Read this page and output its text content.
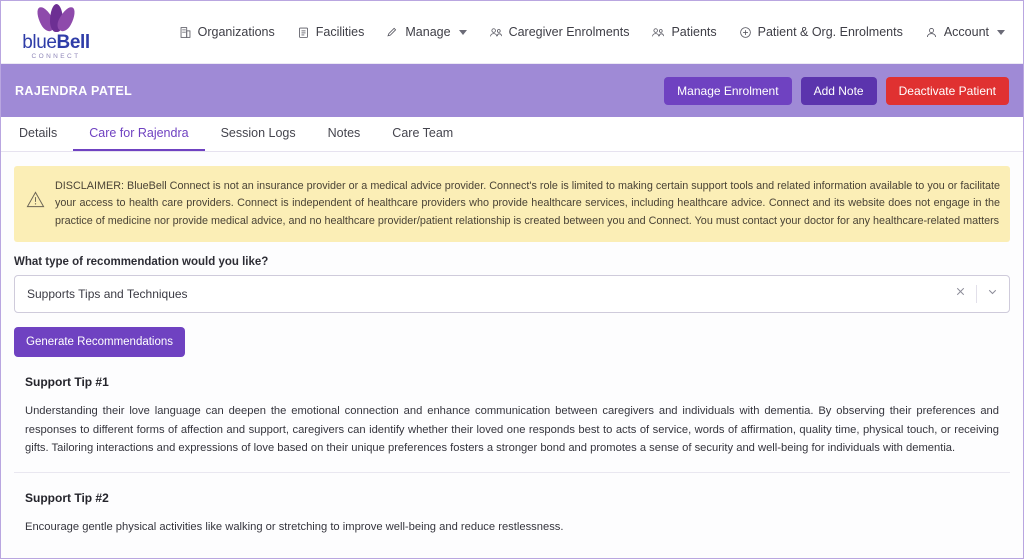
blueBell
CONNECT
Organizations	Facilities	Manage	Caregiver Enrolments	Patients	Patient & Org. Enrolments	Account
RAJENDRA PATEL	Manage Enrolment	Add Note	Deactivate Patient
Details	Care for Rajendra	Session Logs	Notes	Care Team
DISCLAIMER: BlueBell Connect is not an insurance provider or a medical advice provider. Connect's role is limited to making certain support tools and related information available to you or facilitate your access to health care providers. Connect is independent of healthcare providers who provide healthcare services, including healthcare advice. Connect and its website does not engage in the practice of medicine nor provide medical advice, and no healthcare provider/patient relationship is created between you and Connect. You must contact your doctor for any healthcare-related matters
What type of recommendation would you like?
Supports Tips and Techniques
Generate Recommendations
Support Tip #1
Understanding their love language can deepen the emotional connection and enhance communication between caregivers and individuals with dementia. By observing their preferences and responses to different forms of affection and support, caregivers can identify whether their loved one responds best to acts of service, words of affirmation, quality time, physical touch, or receiving gifts. Tailoring interactions and expressions of love based on their unique preferences fosters a stronger bond and promotes a sense of security and well-being for individuals with dementia.
Support Tip #2
Encourage gentle physical activities like walking or stretching to improve well-being and reduce restlessness.
